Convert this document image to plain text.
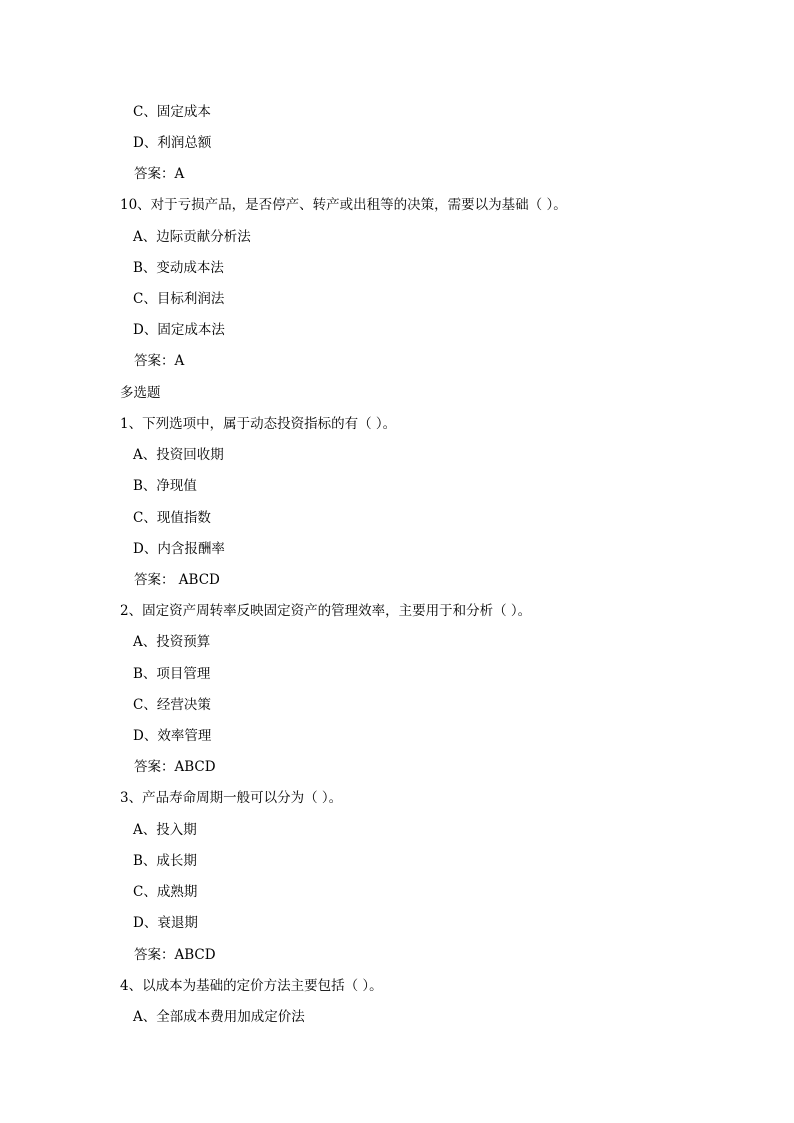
C、固定成本
D、利润总额
答案：A
10、对于亏损产品，是否停产、转产或出租等的决策，需要以为基础（ ）。
A、边际贡献分析法
B、变动成本法
C、目标利润法
D、固定成本法
答案：A
多选题
1、下列选项中，属于动态投资指标的有（ ）。
A、投资回收期
B、净现值
C、现值指数
D、内含报酬率
答案： ABCD
2、固定资产周转率反映固定资产的管理效率，主要用于和分析（ ）。
A、投资预算
B、项目管理
C、经营决策
D、效率管理
答案：ABCD
3、产品寿命周期一般可以分为（ ）。
A、投入期
B、成长期
C、成熟期
D、衰退期
答案：ABCD
4、以成本为基础的定价方法主要包括（ ）。
A、全部成本费用加成定价法
